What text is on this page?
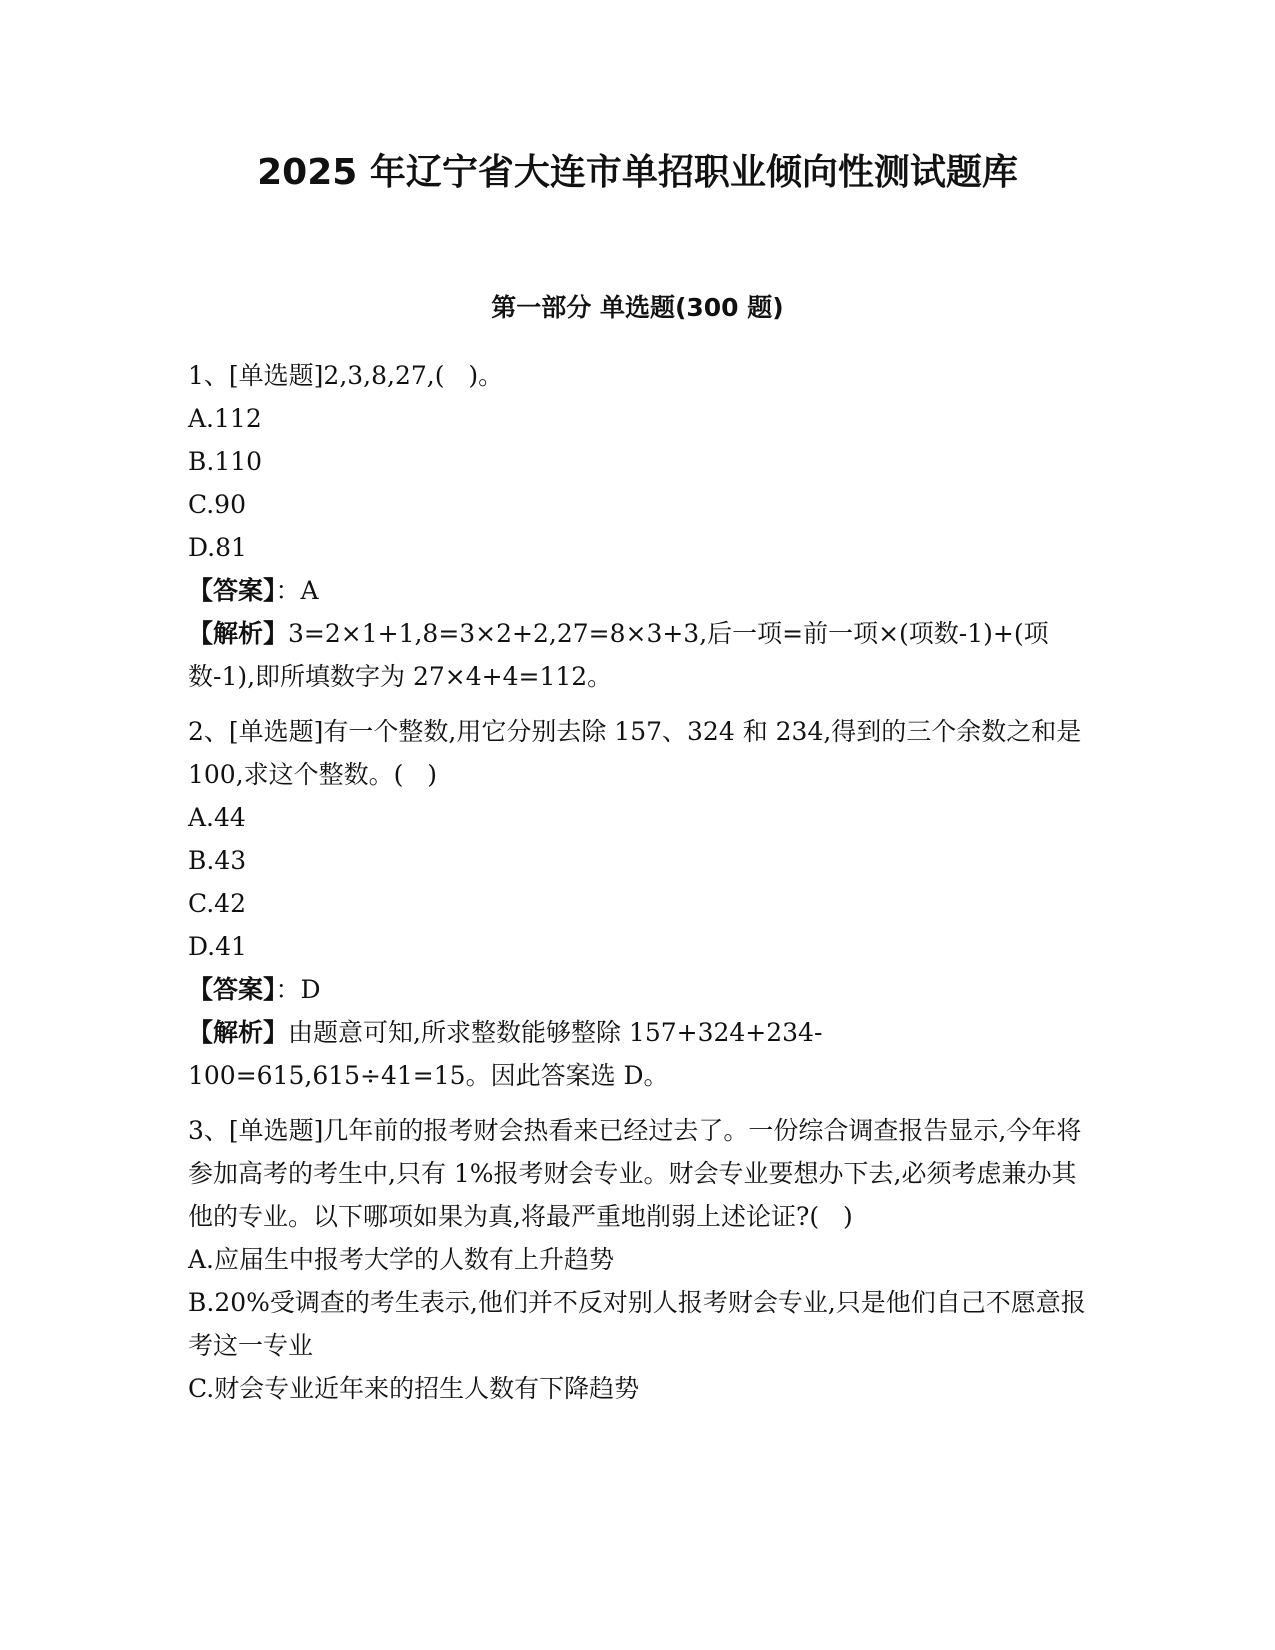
2025 年辽宁省大连市单招职业倾向性测试题库
第一部分 单选题(300 题)

1、[单选题]2,3,8,27,(   )。

A.112

B.110

C.90

D.81

【答案】：A

【解析】3=2×1+1,8=3×2+2,27=8×3+3,后一项=前一项×(项数-1)+(项数-1),即所填数字为 27×4+4=112。

2、[单选题]有一个整数,用它分别去除 157、324 和 234,得到的三个余数之和是 100,求这个整数。(   )

A.44

B.43

C.42

D.41

【答案】：D

【解析】由题意可知,所求整数能够整除 157+324+234-100=615,615÷41=15。因此答案选 D。

3、[单选题]几年前的报考财会热看来已经过去了。一份综合调查报告显示,今年将参加高考的考生中,只有 1%报考财会专业。财会专业要想办下去,必须考虑兼办其他的专业。以下哪项如果为真,将最严重地削弱上述论证?(   )

A.应届生中报考大学的人数有上升趋势

B.20%受调查的考生表示,他们并不反对别人报考财会专业,只是他们自己不愿意报考这一专业

C.财会专业近年来的招生人数有下降趋势
